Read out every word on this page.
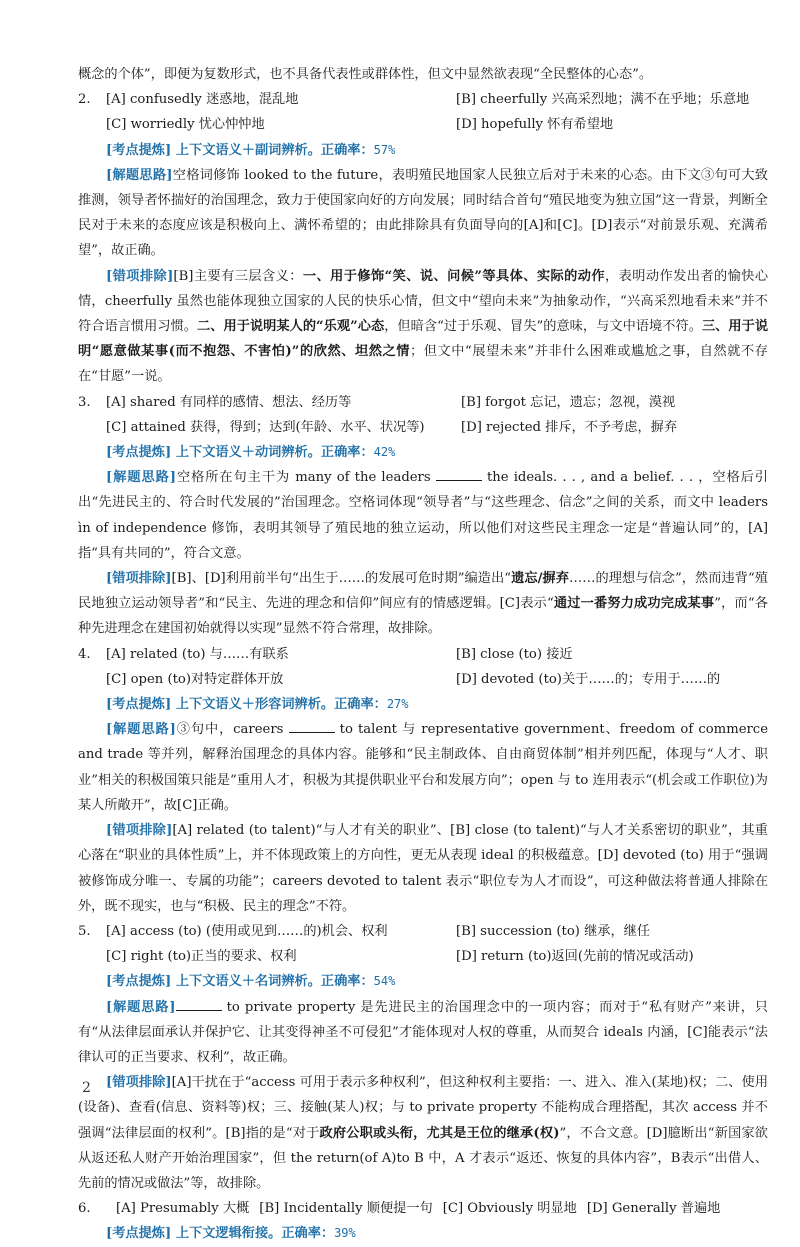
概念的个体”，即便为复数形式，也不具备代表性或群体性，但文中显然欲表现“全民整体的心态”。

2.	[A] confusedly 迷惑地，混乱地	[B] cheerfully 兴高采烈地；满不在乎地；乐意地
[C] worriedly 忧心忡忡地	[D] hopefully 怀有希望地
[考点提炼] 上下文语义＋副词辨析。正确率：57%

[解题思路]空格词修饰 looked to the future，表明殖民地国家人民独立后对于未来的心态。由下文③句可大致推测，领导者怀揣好的治国理念，致力于使国家向好的方向发展；同时结合首句“殖民地变为独立国”这一背景，判断全民对于未来的态度应该是积极向上、满怀希望的；由此排除具有负面导向的[A]和[C]。[D]表示“对前景乐观、充满希望”，故正确。

[错项排除][B]主要有三层含义：一、用于修饰“笑、说、问候”等具体、实际的动作，表明动作发出者的愉快心情，cheerfully 虽然也能体现独立国家的人民的快乐心情，但文中“望向未来”为抽象动作，“兴高采烈地看未来”并不符合语言惯用习惯。二、用于说明某人的“乐观”心态，但暗含“过于乐观、冒失”的意味，与文中语境不符。三、用于说明“愿意做某事(而不抱怨、不害怕)”的欣然、坦然之情；但文中“展望未来”并非什么困难或尴尬之事，自然就不存在“甘愿”一说。

3.	[A] shared 有同样的感情、想法、经历等	[B] forgot 忘记，遗忘；忽视，漠视
[C] attained 获得，得到；达到(年龄、水平、状况等)	[D] rejected 排斥，不予考虑，摒弃
[考点提炼] 上下文语义＋动词辨析。正确率：42%

[解题思路]空格所在句主干为 many of the leaders	the ideals. . . , and a belief. . . ，空格后引出“先进民主的、符合时代发展的”治国理念。空格词体现“领导者”与“这些理念、信念”之间的关系，而文中 leaders ìn of independence 修饰，表明其领导了殖民地的独立运动，所以他们对这些民主理念一定是“普遍认同”的，[A]指“具有共同的”，符合文意。

[错项排除][B]、[D]利用前半句“出生于……的发展可危时期”编造出“遗忘/摒弃……的理想与信念”，然而违背“殖民地独立运动领导者”和“民主、先进的理念和信仰”间应有的情感逻辑。[C]表示“通过一番努力成功完成某事”，而“各种先进理念在建国初始就得以实现”显然不符合常理，故排除。

4.	[A] related (to) 与……有联系	[B] close (to) 接近
[C] open (to)对特定群体开放	[D] devoted (to)关于……的；专用于……的
[考点提炼] 上下文语义＋形容词辨析。正确率：27%

[解题思路]③句中，careers	to talent 与 representative government、freedom of commerce and trade 等并列，解释治国理念的具体内容。能够和“民主制政体、自由商贸体制”相并列匹配，体现与“人才、职业”相关的积极国策只能是“重用人才，积极为其提供职业平台和发展方向”；open 与 to 连用表示“(机会或工作职位)为某人所敞开”，故[C]正确。

[错项排除][A] related (to talent)“与人才有关的职业”、[B] close (to talent)“与人才关系密切的职业”，其重心落在“职业的具体性质”上，并不体现政策上的方向性，更无从表现 ideal 的积极蕴意。[D] devoted (to) 用于“强调被修饰成分唯一、专属的功能”；careers devoted to talent 表示“职位专为人才而设”，可这种做法将普通人排除在外，既不现实，也与“积极、民主的理念”不符。

5.	[A] access (to) (使用或见到……的)机会、权利	[B] succession (to) 继承，继任
[C] right (to)正当的要求、权利	[D] return (to)返回(先前的情况或活动)
[考点提炼] 上下文语义＋名词辨析。正确率：54%

[解题思路]	to private property 是先进民主的治国理念中的一项内容；而对于“私有财产”来讲，只有“从法律层面承认并保护它、让其变得神圣不可侵犯”才能体现对人权的尊重，从而契合 ideals 内涵，[C]能表示“法律认可的正当要求、权利”，故正确。

[错项排除][A]干扰在于“access 可用于表示多种权利”，但这种权利主要指：一、进入、准入(某地)权；二、使用(设备)、查看(信息、资料等)权；三、接触(某人)权；与 to private property 不能构成合理搭配，其次 access 并不强调“法律层面的权利”。[B]指的是“对于政府公职或头衔，尤其是王位的继承(权)”，不合文意。[D]臆断出“新国家欲从返还私人财产开始治理国家”，但 the return(of A)to B 中，A 才表示“返还、恢复的具体内容”，B表示“出借人、先前的情况或做法”等，故排除。

6.	[A] Presumably 大概 [B] Incidentally 顺便提一句 [C] Obviously 明显地 [D] Generally 普遍地
[考点提炼] 上下文逻辑衔接。正确率：39%
2
